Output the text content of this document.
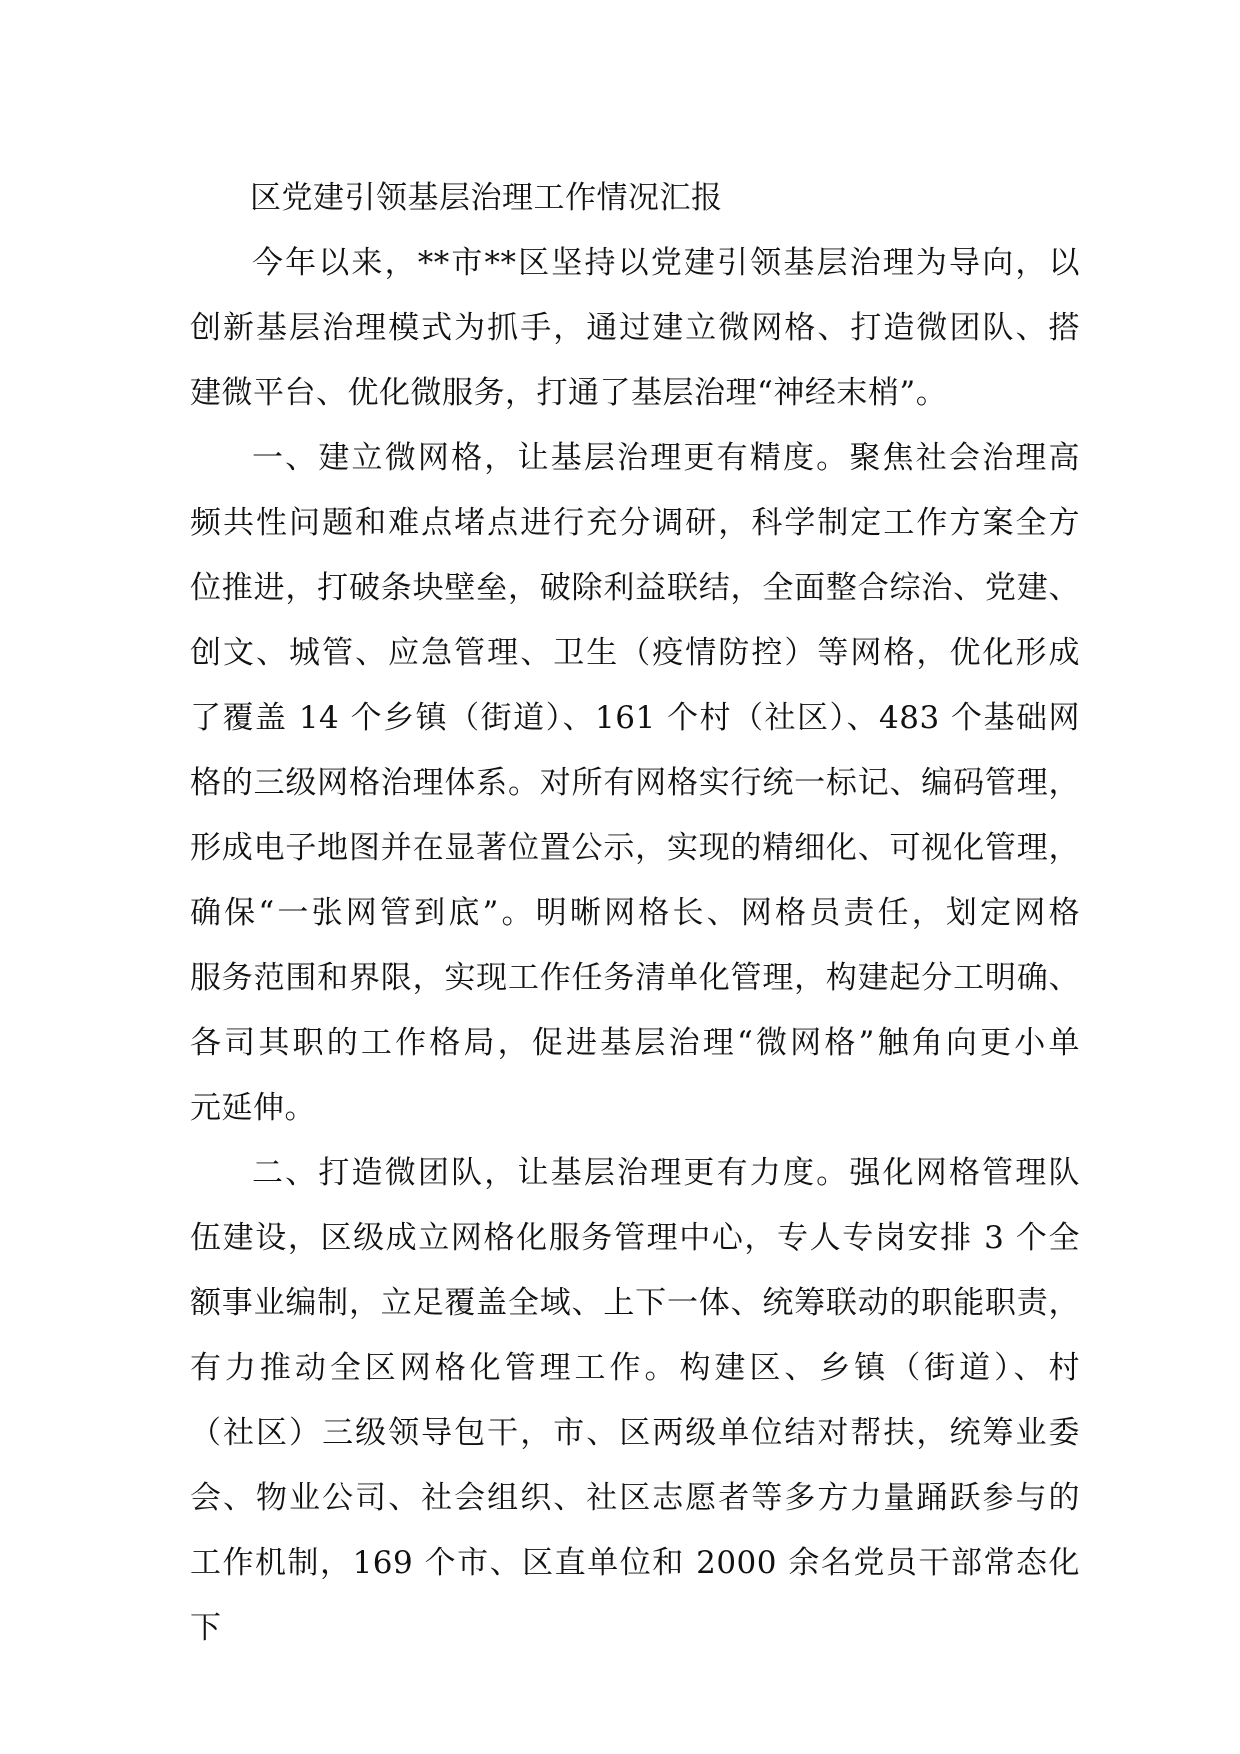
区党建引领基层治理工作情况汇报
今年以来，**市**区坚持以党建引领基层治理为导向，以
创新基层治理模式为抓手，通过建立微网格、打造微团队、搭
建微平台、优化微服务，打通了基层治理“神经末梢”。
一、建立微网格，让基层治理更有精度。聚焦社会治理高
频共性问题和难点堵点进行充分调研，科学制定工作方案全方
位推进，打破条块壁垒，破除利益联结，全面整合综治、党建、
创文、城管、应急管理、卫生（疫情防控）等网格，优化形成
了覆盖 14 个乡镇（街道）、161 个村（社区）、483 个基础网
格的三级网格治理体系。对所有网格实行统一标记、编码管理，
形成电子地图并在显著位置公示，实现的精细化、可视化管理，
确保“一张网管到底”。明晰网格长、网格员责任，划定网格
服务范围和界限，实现工作任务清单化管理，构建起分工明确、
各司其职的工作格局，促进基层治理“微网格”触角向更小单
元延伸。
二、打造微团队，让基层治理更有力度。强化网格管理队
伍建设，区级成立网格化服务管理中心，专人专岗安排 3 个全
额事业编制，立足覆盖全域、上下一体、统筹联动的职能职责，
有力推动全区网格化管理工作。构建区、乡镇（街道）、村
（社区）三级领导包干，市、区两级单位结对帮扶，统筹业委
会、物业公司、社会组织、社区志愿者等多方力量踊跃参与的
工作机制，169 个市、区直单位和 2000 余名党员干部常态化下
